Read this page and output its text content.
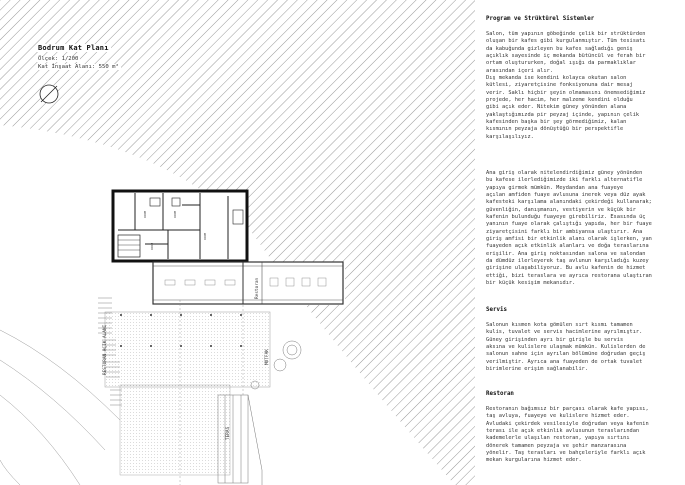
ROOM	ROOM
ROOM
ROOM
RESTORAN AÇIK ALANI
Restoran
TERAS
MUTFAK
Bodrum Kat Planı
Ölçek: 1/200
Kat İnşaat Alanı: 550 m²
Program ve Strüktürel Sistemler

Salon, tüm yapının göbeğinde çelik bir strüktürden
oluşan bir kafes gibi kurgulanmıştır. Tüm tesisatı
da kabuğunda gizleyen bu kafes sağladığı geniş
açıklık sayesinde iç mekanda bütüncül ve ferah bir
ortam oluştururken, doğal ışığı da parmaklıklar
arasından içeri alır.
Dış mekanda ise kendini kolayca okutan salon
kütlesi, ziyaretçisine fonksiyonuna dair mesaj
verir. Saklı hiçbir şeyin olmamasını önemsediğimiz
projede, her hacim, her malzeme kendini olduğu
gibi açık eder. Nitekim güney yönünden alana
yaklaştığımızda pir peyzaj içinde, yapının çelik
kafesinden başka bir şey görmediğimiz, kalan
kısmının peyzaja dönüştüğü bir perspektifle
karşılaşılıyız.

Ana giriş olarak nitelendirdiğimiz güney yönünden
bu kafese ilerlediğimizde iki farklı alternatifle
yapıya girmek mümkün. Meydandan ana fuayeye
açılan amfiden fuaye avlusuna inerek veya düz ayak
kafesteki karşılama alanındaki çekirdeği kullanarak;
güvenliğin, danışmanın, vestiyerin ve küçük bir
kafenin bulunduğu fuayeye girebiliriz. Esasında üç
yanının fuaye olarak çalıştığı yapıda, her bir fuaye
ziyaretçisini farklı bir ambiyansa ulaştırır. Ana
giriş amfisi bir etkinlik alanı olarak işlerken, yan
fuayeden açık etkinlik alanları ve doğa teraslarına
erişilir. Ana giriş noktasından salona ve salondan
da dümdüz ilerleyerek taş avlunun karşıladığı kuzey
girişine ulaşabiliyoruz. Bu avlu kafenin de hizmet
ettiği, bizi teraslara ve ayrıca restorana ulaştıran
bir küçük kesişim mekanıdır.

Servis

Salonun kısmen kota gömülen sırt kısmı tamamen
kulis, tuvalet ve servis hacimlerine ayrılmıştır.
Güney girişinden ayrı bir girişle bu servis
aksına ve kulislere ulaşmak mümkün. Kulislerden de
salonun sahne için ayrılan bölümüne doğrudan geçiş
verilmiştir. Ayrıca ana fuayeden de ortak tuvalet
birimlerine erişim sağlanabilir.

Restoran

Restoranın bağımsız bir parçası olarak kafe yapısı,
taş avluya, fuayeye ve kulislere hizmet eder.
Avludaki çekirdek vesilesiyle doğrudan veya kafenin
terası ile açık etkinlik avlusunun teraslarından
kademelerle ulaşılan restoran, yapıya sırtını
dönerek tamamen peyzaja ve şehir manzarasına
yönelir. Taş terasları ve bahçeleriyle farklı açık
mekan kurgularına hizmet eder.
